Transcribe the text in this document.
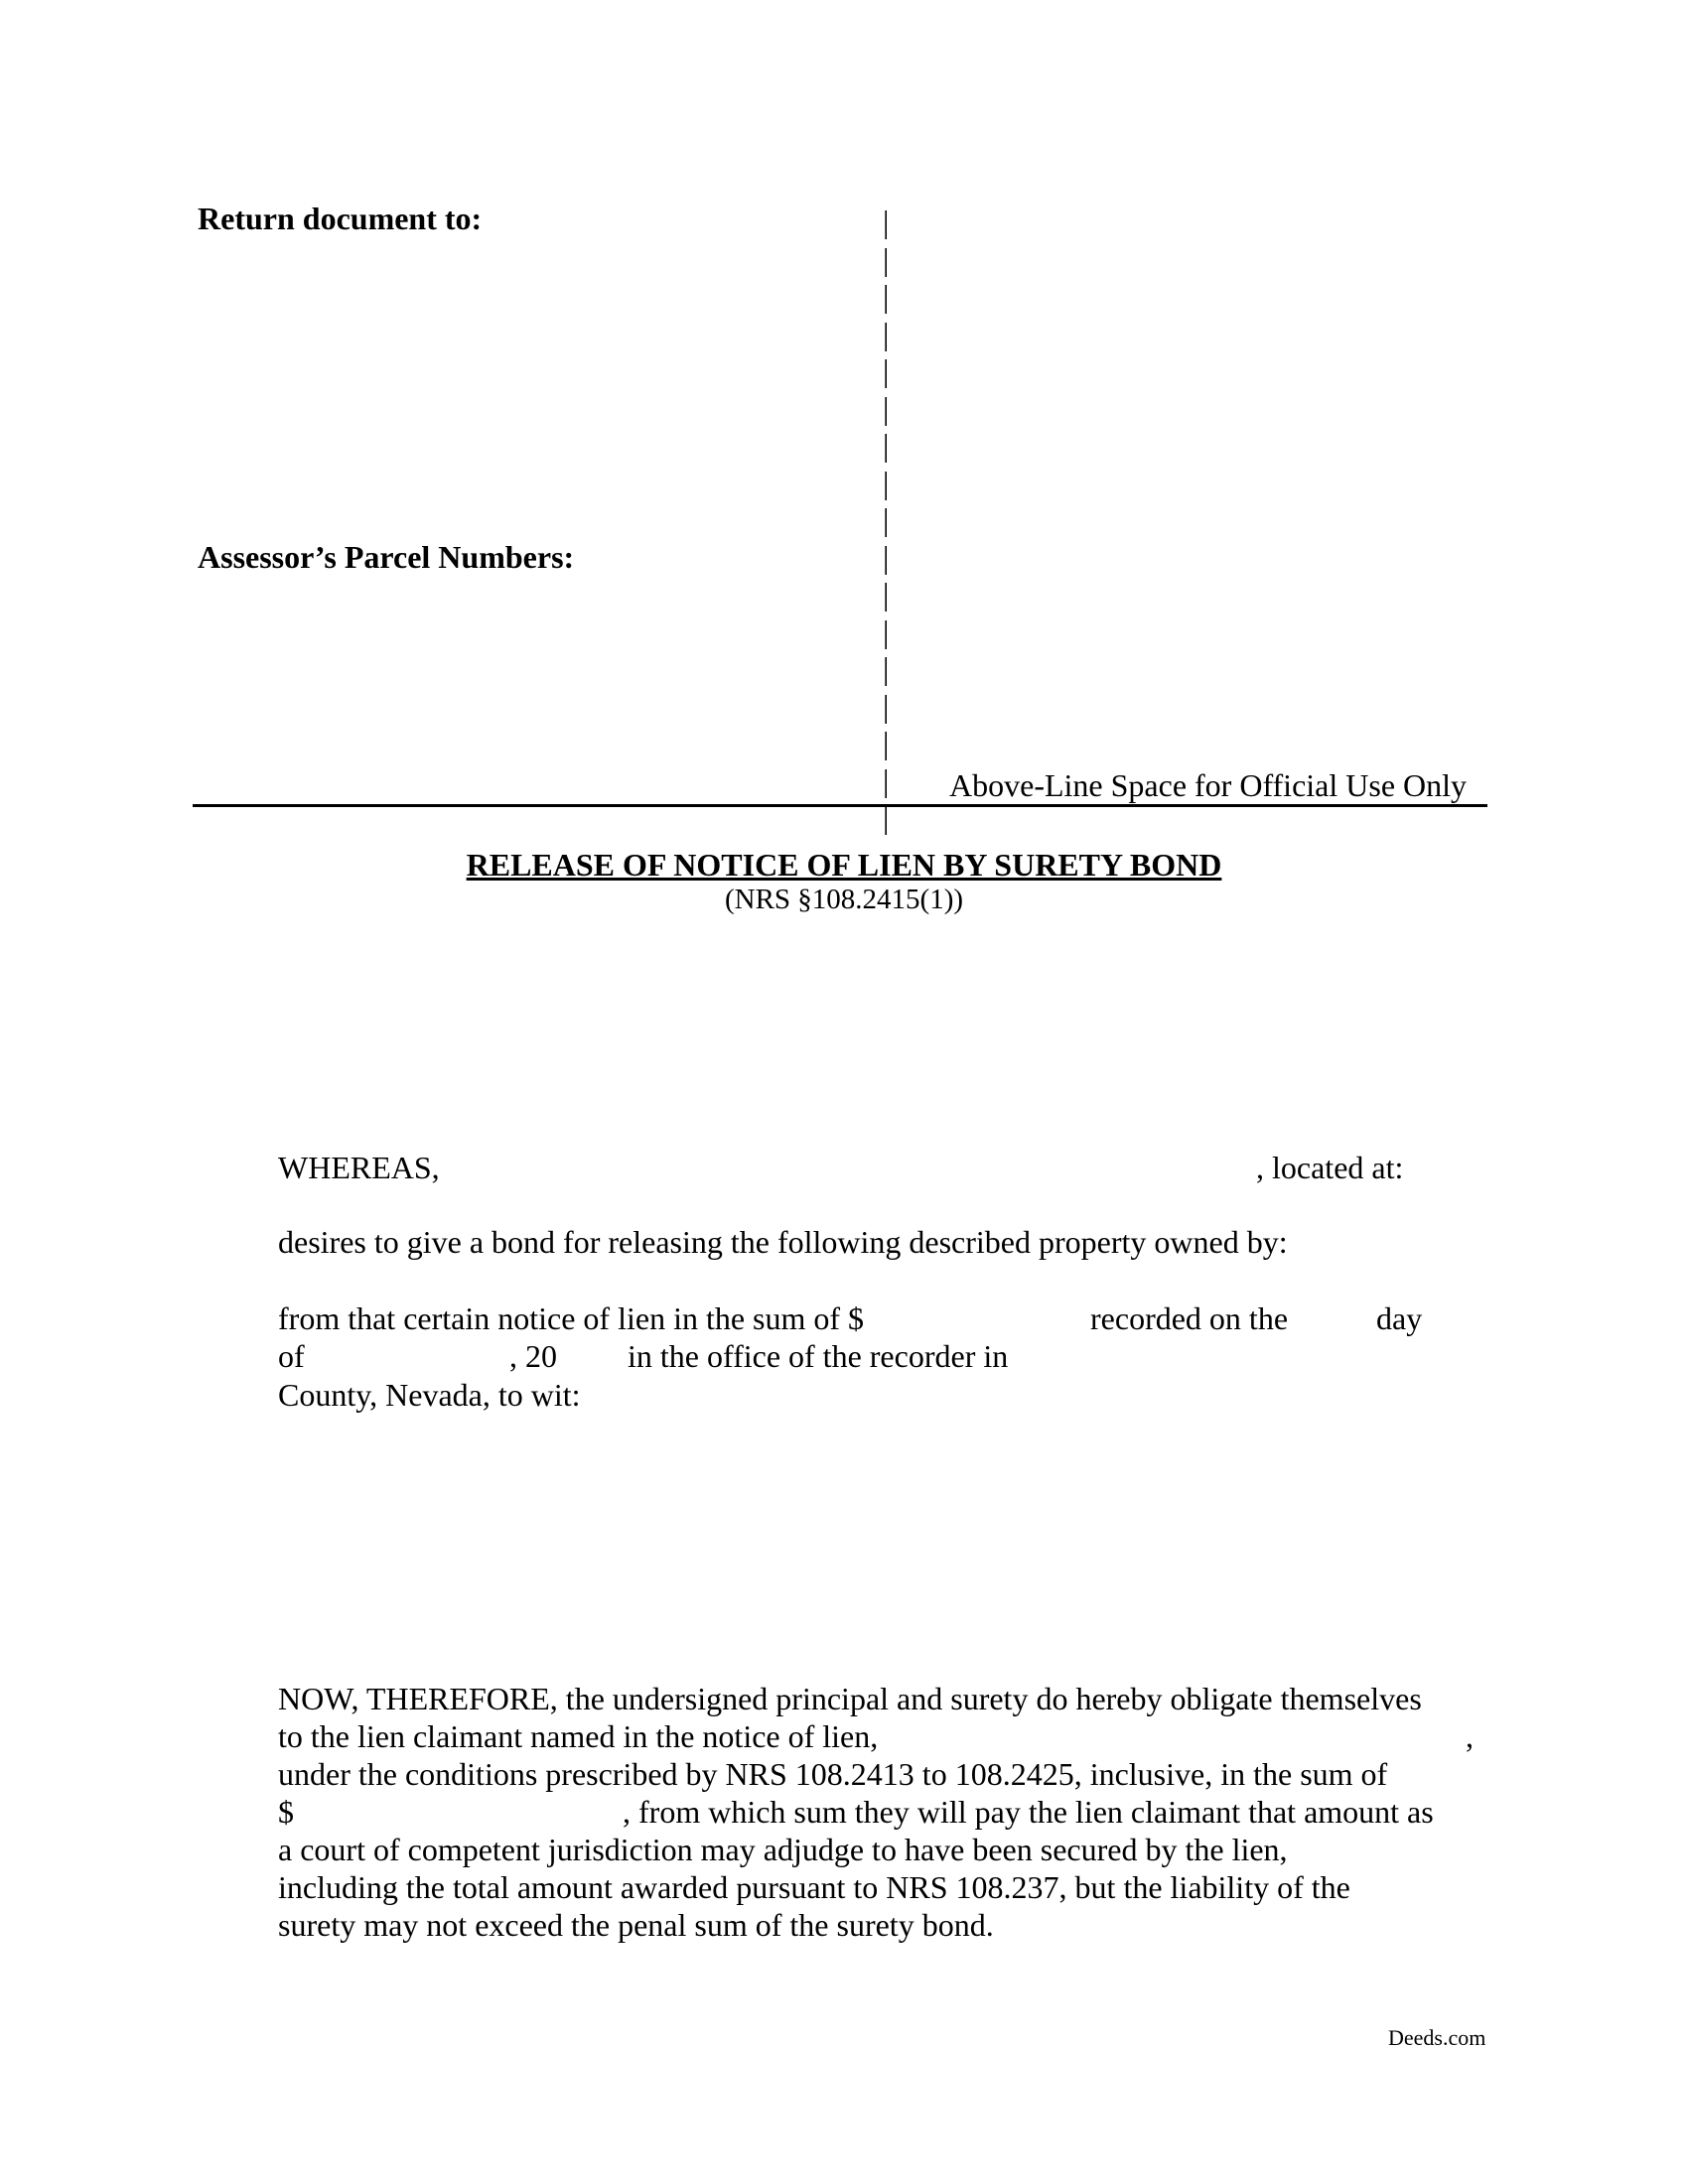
Return document to:
Assessor’s Parcel Numbers:
|
|
|
|
|
|
|
|
|
|
|
|
|
|
|
|
|
Above-Line Space for Official Use Only
RELEASE OF NOTICE OF LIEN BY SURETY BOND
(NRS §108.2415(1))
WHEREAS,	, located at:
desires to give a bond for releasing the following described property owned by:
from that certain notice of lien in the sum of $	recorded on the	day
of	, 20 in the office of the recorder in
County, Nevada, to wit:
NOW, THEREFORE, the undersigned principal and surety do hereby obligate themselves
to the lien claimant named in the notice of lien,	,
under the conditions prescribed by NRS 108.2413 to 108.2425, inclusive, in the sum of
$	, from which sum they will pay the lien claimant that amount as
a court of competent jurisdiction may adjudge to have been secured by the lien,
including the total amount awarded pursuant to NRS 108.237, but the liability of the
surety may not exceed the penal sum of the surety bond.
Deeds.com
